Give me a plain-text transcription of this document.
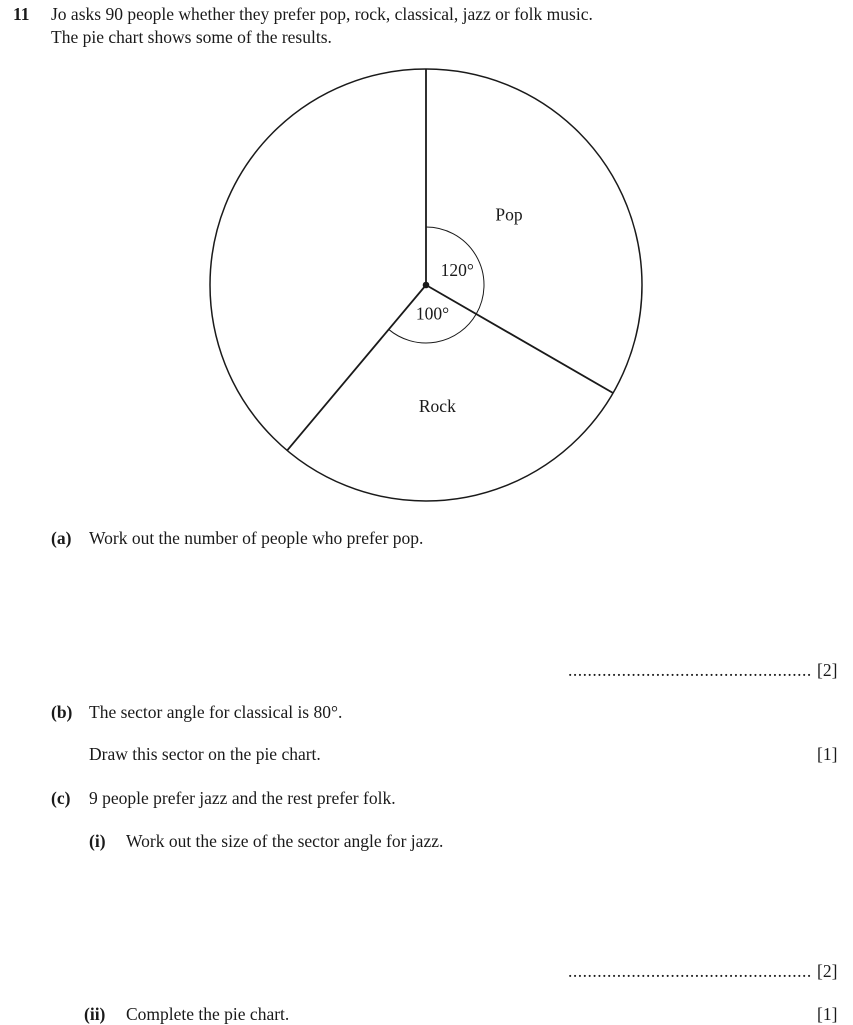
11 Jo asks 90 people whether they prefer pop, rock, classical, jazz or folk music.
The pie chart shows some of the results.
Pop
Rock
120°
100°
(a) Work out the number of people who prefer pop.
.................................................. [2]
(b) The sector angle for classical is 80°.
Draw this sector on the pie chart.	[1]
(c) 9 people prefer jazz and the rest prefer folk.
(i) Work out the size of the sector angle for jazz.
.................................................. [2]
(ii) Complete the pie chart.	[1]
